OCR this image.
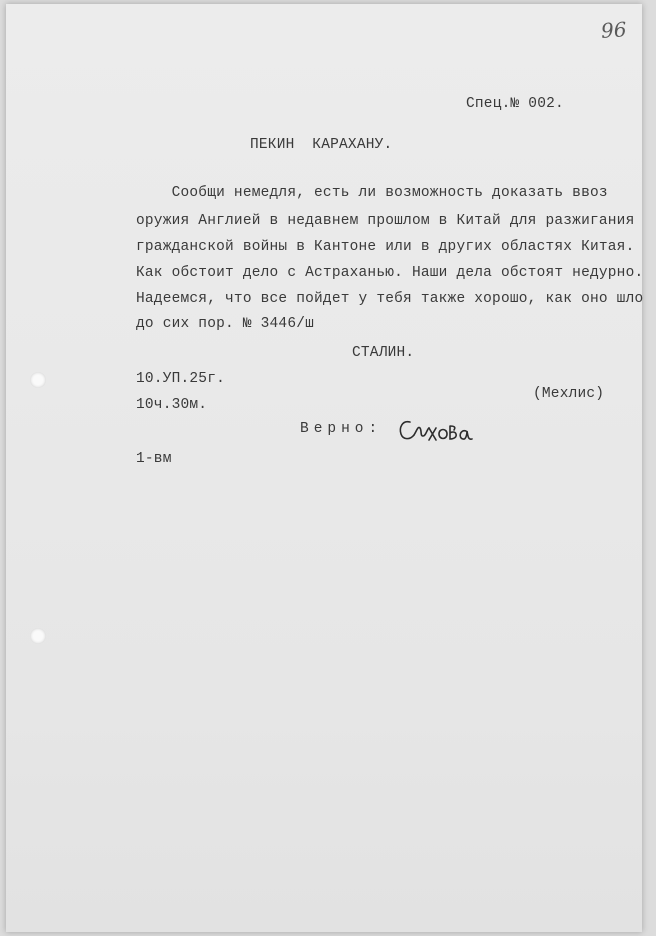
96
Спец.№ 002.
ПЕКИН  КАРАХАНУ.
Сообщи немедля, есть ли возможность доказать ввоз
оружия Англией в недавнем прошлом в Китай для разжигания
гражданской войны в Кантоне или в других областях Китая.
Как обстоит дело с Астраханью. Наши дела обстоят недурно.
Надеемся, что все пойдет у тебя также хорошо, как оно шло
до сих пор. № 3446/ш
СТАЛИН.
10.УП.25г.
(Мехлис)
10ч.30м.
Верно:
1-вм
